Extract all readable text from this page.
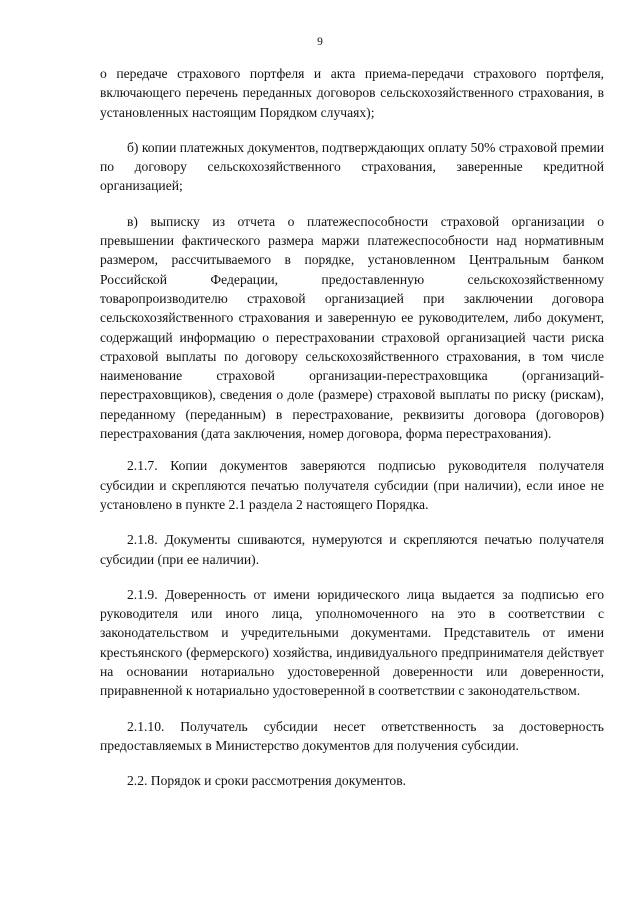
9

о передаче страхового портфеля и акта приема-передачи страхового портфеля, включающего перечень переданных договоров сельскохозяйственного страхования, в установленных настоящим Порядком случаях);

б) копии платежных документов, подтверждающих оплату 50% страховой премии по договору сельскохозяйственного страхования, заверенные кредитной организацией;

в) выписку из отчета о платежеспособности страховой организации о превышении фактического размера маржи платежеспособности над нормативным размером, рассчитываемого в порядке, установленном Центральным банком Российской Федерации, предоставленную сельскохозяйственному товаропроизводителю страховой организацией при заключении договора сельскохозяйственного страхования и заверенную ее руководителем, либо документ, содержащий информацию о перестраховании страховой организацией части риска страховой выплаты по договору сельскохозяйственного страхования, в том числе наименование страховой организации-перестраховщика (организаций-перестраховщиков), сведения о доле (размере) страховой выплаты по риску (рискам), переданному (переданным) в перестрахование, реквизиты договора (договоров) перестрахования (дата заключения, номер договора, форма перестрахования).

2.1.7. Копии документов заверяются подписью руководителя получателя субсидии и скрепляются печатью получателя субсидии (при наличии), если иное не установлено в пункте 2.1 раздела 2 настоящего Порядка.

2.1.8. Документы сшиваются, нумеруются и скрепляются печатью получателя субсидии (при ее наличии).

2.1.9. Доверенность от имени юридического лица выдается за подписью его руководителя или иного лица, уполномоченного на это в соответствии с законодательством и учредительными документами. Представитель от имени крестьянского (фермерского) хозяйства, индивидуального предпринимателя действует на основании нотариально удостоверенной доверенности или доверенности, приравненной к нотариально удостоверенной в соответствии с законодательством.

2.1.10. Получатель субсидии несет ответственность за достоверность предоставляемых в Министерство документов для получения субсидии.

2.2. Порядок и сроки рассмотрения документов.
